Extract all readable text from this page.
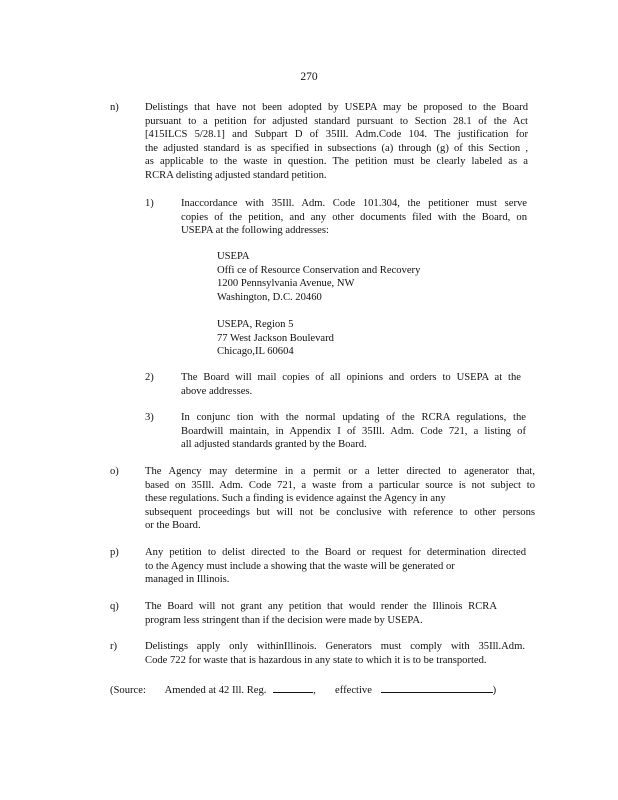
270
n) Delistings that have not been adopted by USEPA may be proposed to the Board
pursuant to a petition for adjusted standard pursuant to Section 28.1 of the Act
[415ILCS 5/28.1] and Subpart D of 35Ill. Adm.Code 104. The justification for
the adjusted standard is as specified in subsections (a) through (g) of this Section ,
as applicable to the waste in question. The petition must be clearly labeled as a
RCRA delisting adjusted standard petition.
1)	Inaccordance with 35Ill. Adm. Code 101.304, the petitioner must serve
copies of the petition, and any other documents filed with the Board, on
USEPA at the following addresses:
USEPA
Offi ce of Resource Conservation and Recovery
1200 Pennsylvania Avenue, NW
Washington, D.C. 20460
USEPA, Region 5
77 West Jackson Boulevard
Chicago,IL 60604
2)	The Board will mail copies of all opinions and orders to USEPA at the
above addresses.
3)	In conjunc tion with the normal updating of the RCRA regulations, the
Boardwill maintain, in Appendix I of 35Ill. Adm. Code 721, a listing of
all adjusted standards granted by the Board.
o) The Agency may determine in a permit or a letter directed to agenerator that,
based on 35Ill. Adm. Code 721, a waste from a particular source is not subject to
these regulations. Such a finding is evidence against the Agency in any
subsequent proceedings but will not be conclusive with reference to other persons
or the Board.
p) Any petition to delist directed to the Board or request for determination directed
to the Agency must include a showing that the waste will be generated or
managed in Illinois.
q) The Board will not grant any petition that would render the Illinois RCRA
program less stringent than if the decision were made by USEPA.
r)	Delistings apply only withinIllinois. Generators must comply with 35Ill.Adm.
Code 722 for waste that is hazardous in any state to which it is to be transported.
(Source: Amended at 42 Ill. Reg.	, effective	)
